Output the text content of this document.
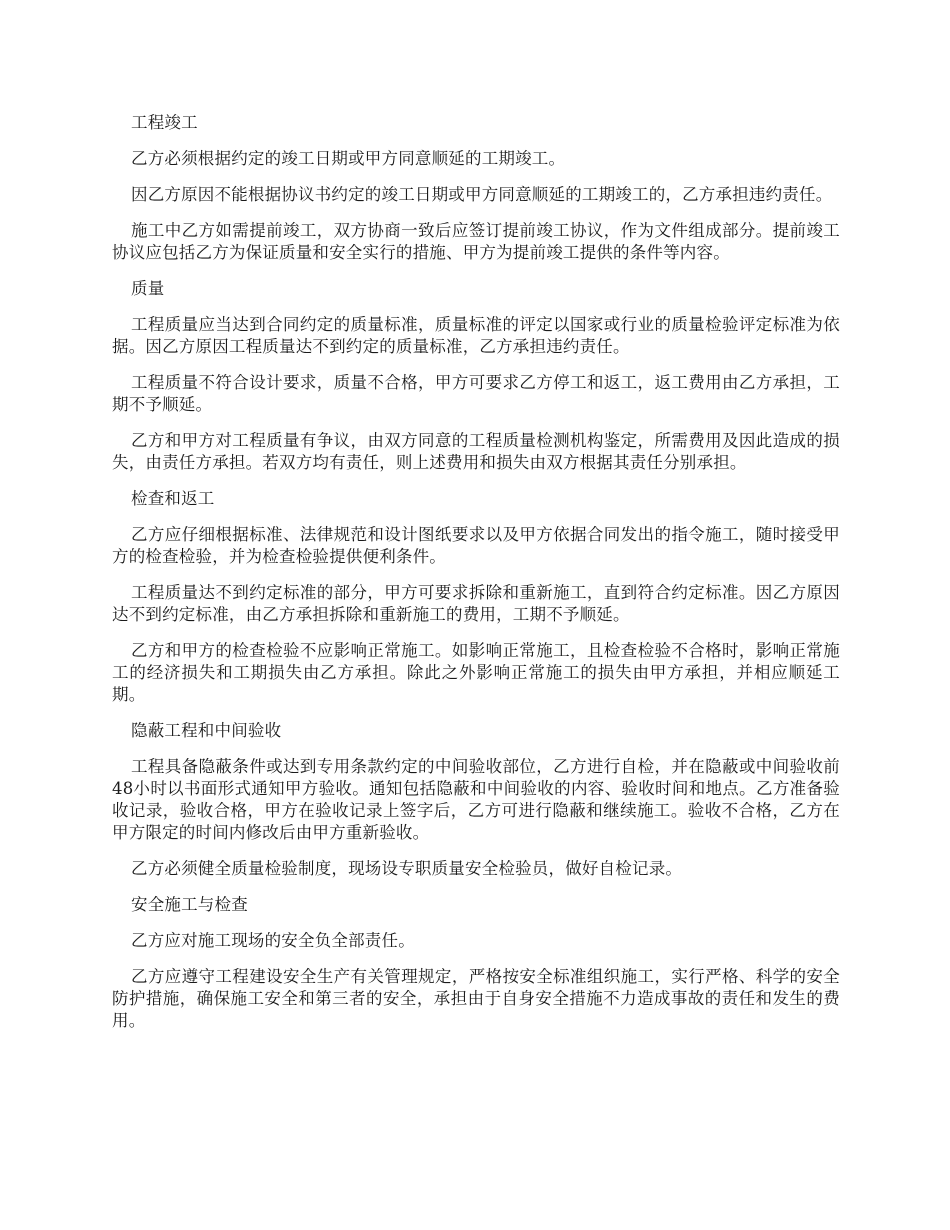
工程竣工

乙方必须根据约定的竣工日期或甲方同意顺延的工期竣工。

因乙方原因不能根据协议书约定的竣工日期或甲方同意顺延的工期竣工的，乙方承担违约责任。

施工中乙方如需提前竣工，双方协商一致后应签订提前竣工协议，作为文件组成部分。提前竣工协议应包括乙方为保证质量和安全实行的措施、甲方为提前竣工提供的条件等内容。

质量

工程质量应当达到合同约定的质量标准，质量标准的评定以国家或行业的质量检验评定标准为依据。因乙方原因工程质量达不到约定的质量标准，乙方承担违约责任。

工程质量不符合设计要求，质量不合格，甲方可要求乙方停工和返工，返工费用由乙方承担，工期不予顺延。

乙方和甲方对工程质量有争议，由双方同意的工程质量检测机构鉴定，所需费用及因此造成的损失，由责任方承担。若双方均有责任，则上述费用和损失由双方根据其责任分别承担。

检查和返工

乙方应仔细根据标准、法律规范和设计图纸要求以及甲方依据合同发出的指令施工，随时接受甲方的检查检验，并为检查检验提供便利条件。

工程质量达不到约定标准的部分，甲方可要求拆除和重新施工，直到符合约定标准。因乙方原因达不到约定标准，由乙方承担拆除和重新施工的费用，工期不予顺延。

乙方和甲方的检查检验不应影响正常施工。如影响正常施工，且检查检验不合格时，影响正常施工的经济损失和工期损失由乙方承担。除此之外影响正常施工的损失由甲方承担，并相应顺延工期。

隐蔽工程和中间验收

工程具备隐蔽条件或达到专用条款约定的中间验收部位，乙方进行自检，并在隐蔽或中间验收前48小时以书面形式通知甲方验收。通知包括隐蔽和中间验收的内容、验收时间和地点。乙方准备验收记录，验收合格，甲方在验收记录上签字后，乙方可进行隐蔽和继续施工。验收不合格，乙方在甲方限定的时间内修改后由甲方重新验收。

乙方必须健全质量检验制度，现场设专职质量安全检验员，做好自检记录。

安全施工与检查

乙方应对施工现场的安全负全部责任。

乙方应遵守工程建设安全生产有关管理规定，严格按安全标准组织施工，实行严格、科学的安全防护措施，确保施工安全和第三者的安全，承担由于自身安全措施不力造成事故的责任和发生的费用。
